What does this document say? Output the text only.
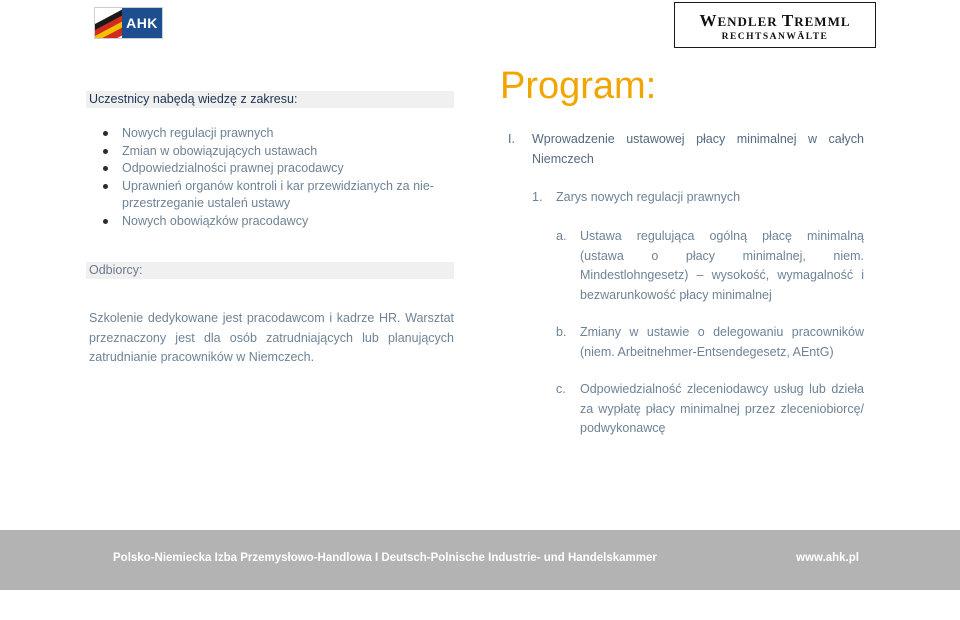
AHK	WENDLER TREMML
RECHTSANWÄLTE
Uczestnicy nabędą wiedzę z zakresu:
Nowych regulacji prawnych
Zmian w obowiązujących ustawach
Odpowiedzialności prawnej pracodawcy
Uprawnień organów kontroli i kar przewidzianych za nie-przestrzeganie ustaleń ustawy
Nowych obowiązków pracodawcy
Odbiorcy:

Szkolenie dedykowane jest pracodawcom i kadrze HR. Warsztat przeznaczony jest dla osób zatrudniających lub planujących zatrudnianie pracowników w Niemczech.

Program:
I.	Wprowadzenie ustawowej płacy minimalnej w całych Niemczech
1.	Zarys nowych regulacji prawnych
a.	Ustawa regulująca ogólną płacę minimalną (ustawa o płacy minimalnej, niem. Mindestlohngesetz) – wysokość, wymagalność i bezwarunkowość płacy minimalnej
b.	Zmiany w ustawie o delegowaniu pracowników (niem. Arbeitnehmer-Entsendegesetz, AEntG)
c.	Odpowiedzialność zleceniodawcy usług lub dzieła za wypłatę płacy minimalnej przez zleceniobiorcę/ podwykonawcę
Polsko-Niemiecka Izba Przemysłowo-Handlowa I Deutsch-Polnische Industrie- und Handelskammer	www.ahk.pl
